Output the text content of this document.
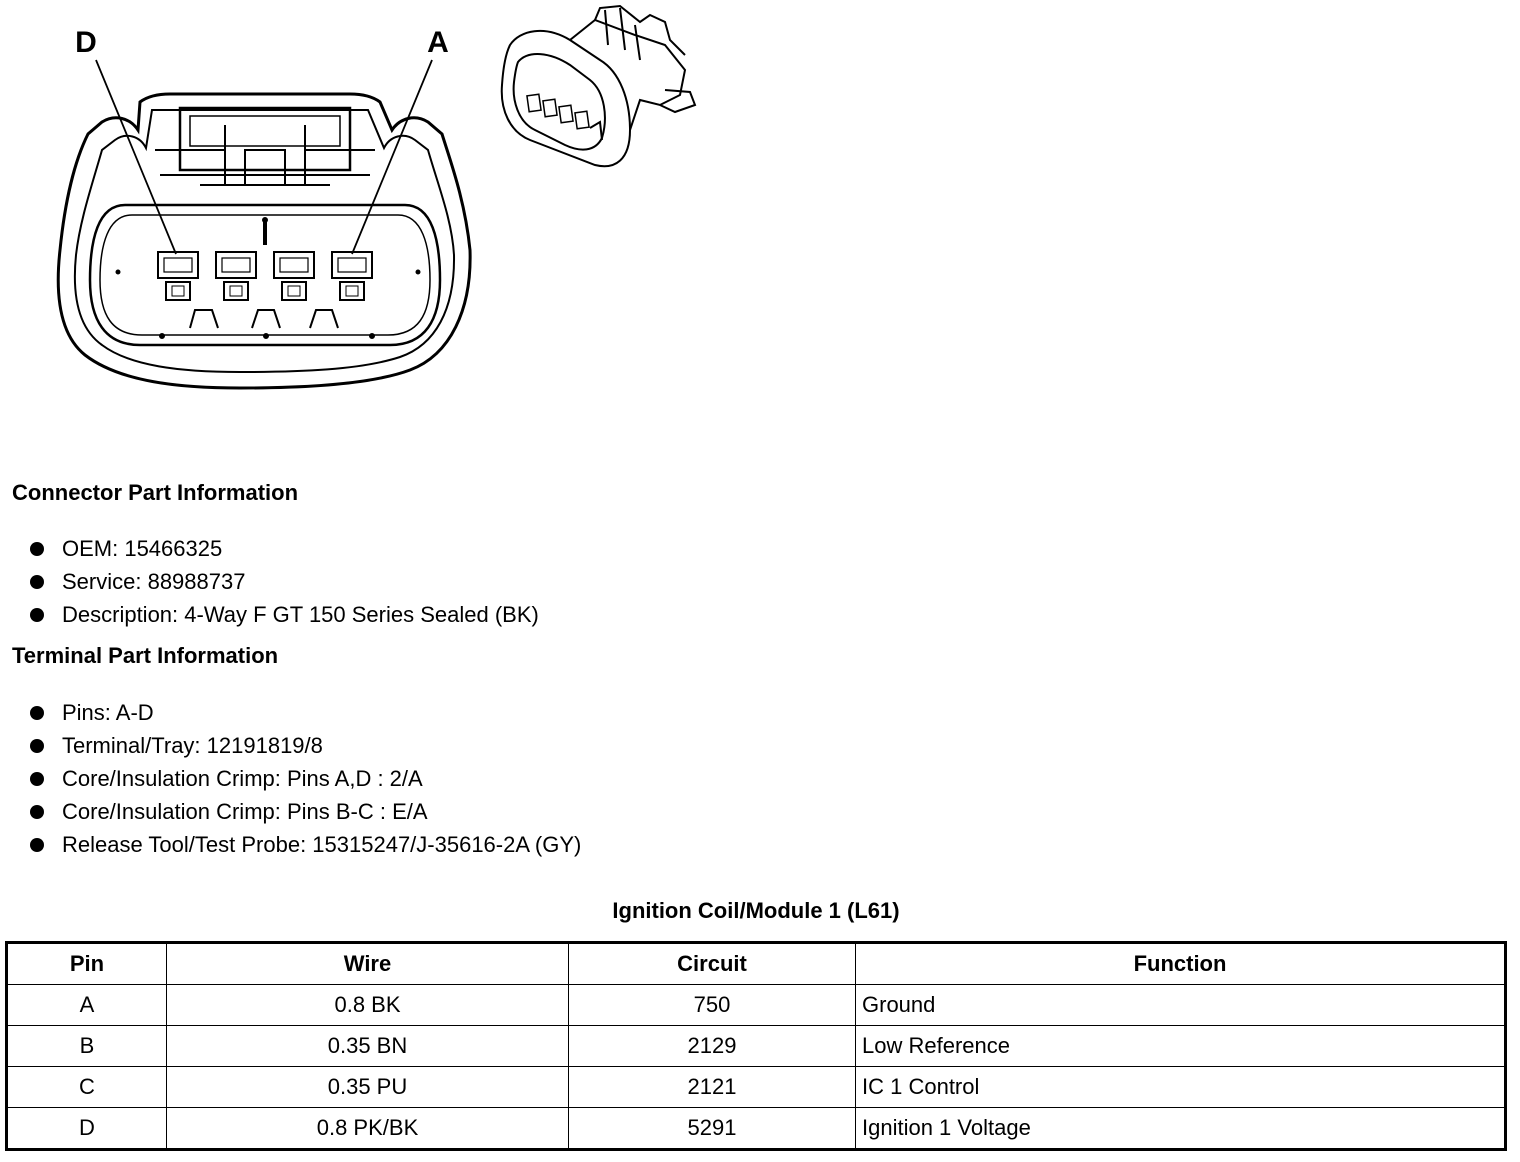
D	A
Connector Part Information
OEM: 15466325
Service: 88988737
Description: 4-Way F GT 150 Series Sealed (BK)
Terminal Part Information
Pins: A-D
Terminal/Tray: 12191819/8
Core/Insulation Crimp: Pins A,D : 2/A
Core/Insulation Crimp: Pins B-C : E/A
Release Tool/Test Probe: 15315247/J-35616-2A (GY)
Ignition Coil/Module 1 (L61)
Pin	Wire	Circuit	Function
A	0.8 BK	750	Ground
B	0.35 BN	2129	Low Reference
C	0.35 PU	2121	IC 1 Control
D	0.8 PK/BK	5291	Ignition 1 Voltage
